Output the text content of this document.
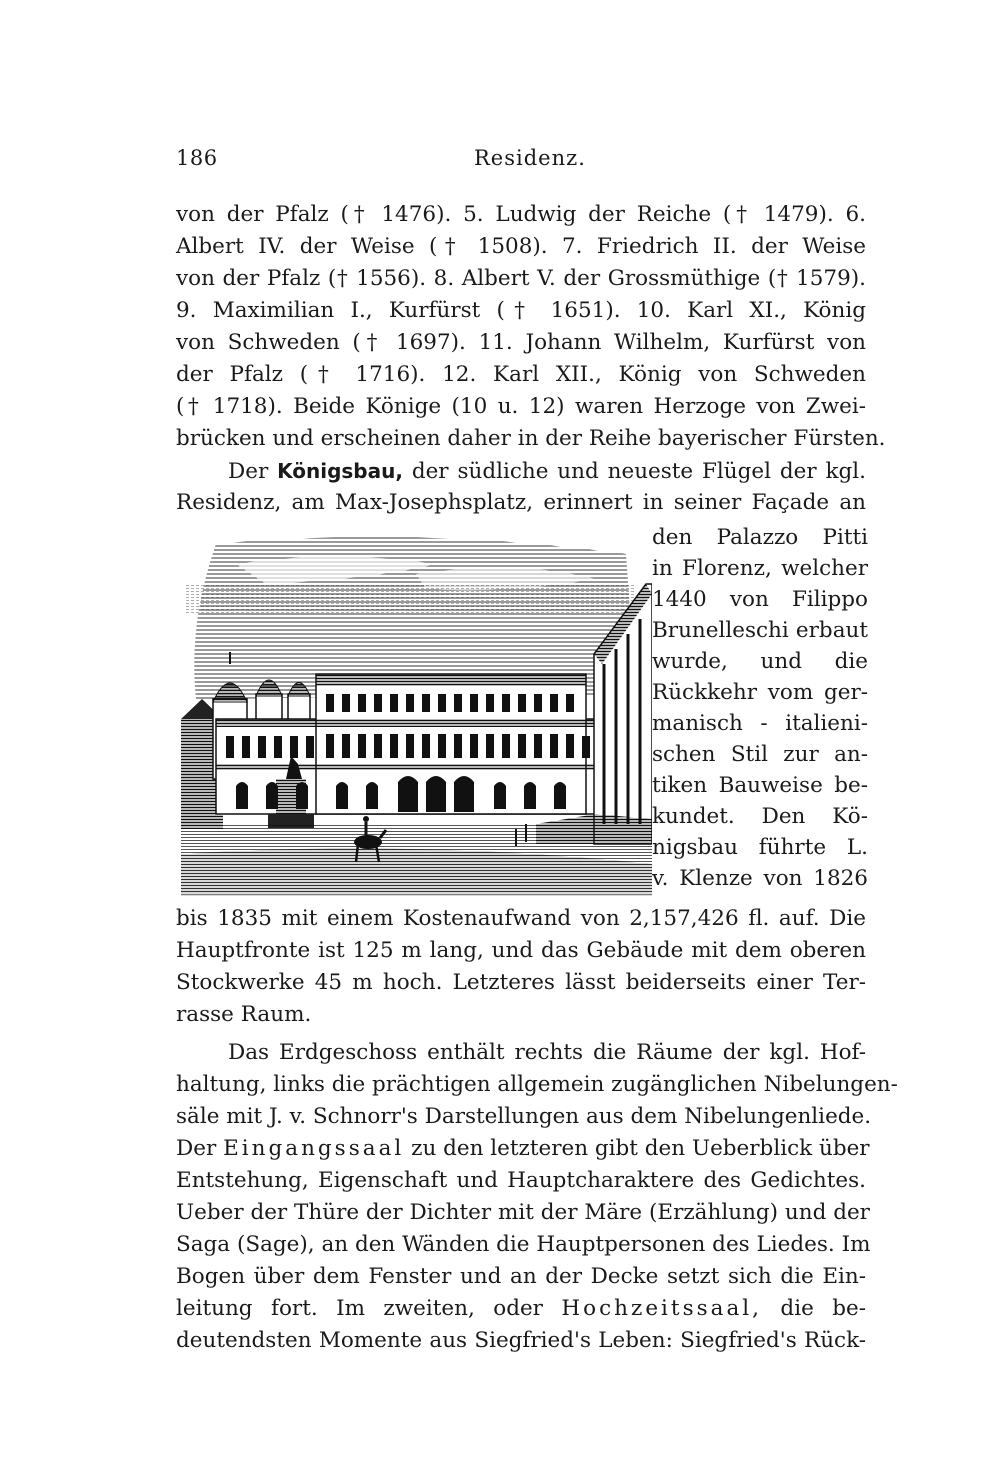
186	Residenz.
von der Pfalz († 1476). 5. Ludwig der Reiche († 1479). 6.
Albert IV. der Weise († 1508). 7. Friedrich II. der Weise
von der Pfalz († 1556). 8. Albert V. der Grossmüthige († 1579).
9. Maximilian I., Kurfürst († 1651). 10. Karl XI., König
von Schweden († 1697). 11. Johann Wilhelm, Kurfürst von
der Pfalz († 1716). 12. Karl XII., König von Schweden
(† 1718). Beide Könige (10 u. 12) waren Herzoge von Zwei-
brücken und erscheinen daher in der Reihe bayerischer Fürsten.
Der Königsbau, der südliche und neueste Flügel der kgl.
Residenz, am Max-Josephsplatz, erinnert in seiner Façade an
den Palazzo Pitti
in Florenz, welcher
1440 von Filippo
Brunelleschi erbaut
wurde, und die
Rückkehr vom ger-
manisch - italieni-
schen Stil zur an-
tiken Bauweise be-
kundet. Den Kö-
nigsbau führte L.
v. Klenze von 1826
bis 1835 mit einem Kostenaufwand von 2,157,426 fl. auf. Die
Hauptfronte ist 125 m lang, und das Gebäude mit dem oberen
Stockwerke 45 m hoch. Letzteres lässt beiderseits einer Ter-
rasse Raum.
Das Erdgeschoss enthält rechts die Räume der kgl. Hof-
haltung, links die prächtigen allgemein zugänglichen Nibelungen-
säle mit J. v. Schnorr's Darstellungen aus dem Nibelungenliede.
Der Eingangssaal zu den letzteren gibt den Ueberblick über
Entstehung, Eigenschaft und Hauptcharaktere des Gedichtes.
Ueber der Thüre der Dichter mit der Märe (Erzählung) und der
Saga (Sage), an den Wänden die Hauptpersonen des Liedes. Im
Bogen über dem Fenster und an der Decke setzt sich die Ein-
leitung fort. Im zweiten, oder Hochzeitssaal, die be-
deutendsten Momente aus Siegfried's Leben: Siegfried's Rück-
